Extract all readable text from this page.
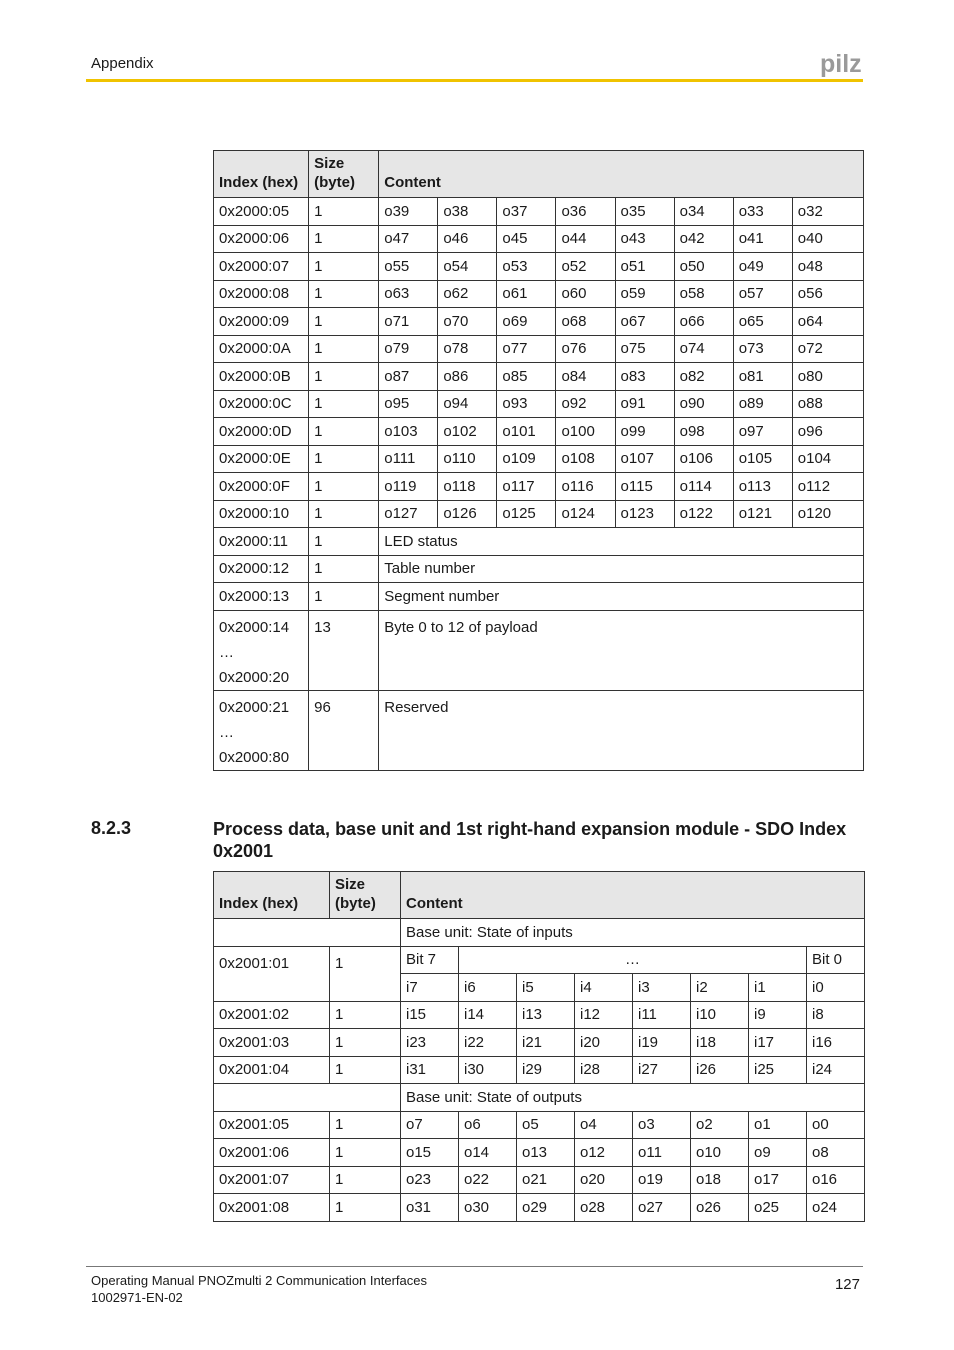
Appendix	pilz
Index (hex)	Size
(byte)	Content							
0x2000:05	1	o39	o38	o37	o36	o35	o34	o33	o32
0x2000:06	1	o47	o46	o45	o44	o43	o42	o41	o40
0x2000:07	1	o55	o54	o53	o52	o51	o50	o49	o48
0x2000:08	1	o63	o62	o61	o60	o59	o58	o57	o56
0x2000:09	1	o71	o70	o69	o68	o67	o66	o65	o64
0x2000:0A	1	o79	o78	o77	o76	o75	o74	o73	o72
0x2000:0B	1	o87	o86	o85	o84	o83	o82	o81	o80
0x2000:0C	1	o95	o94	o93	o92	o91	o90	o89	o88
0x2000:0D	1	o103	o102	o101	o100	o99	o98	o97	o96
0x2000:0E	1	o111	o110	o109	o108	o107	o106	o105	o104
0x2000:0F	1	o119	o118	o117	o116	o115	o114	o113	o112
0x2000:10	1	o127	o126	o125	o124	o123	o122	o121	o120
0x2000:11	1	LED status							
0x2000:12	1	Table number							
0x2000:13	1	Segment number							

0x2000:14
…
0x2000:20	13	Byte 0 to 12 of payload							

0x2000:21
…
0x2000:80	96	Reserved							
8.2.3	Process data, base unit and 1st right-hand expansion module - SDO Index 0x2001
Index (hex)	Size
(byte)	Content							
		Base unit: State of inputs							
0x2001:01	1	Bit 7	…						Bit 0
		i7	i6	i5	i4	i3	i2	i1	i0
0x2001:02	1	i15	i14	i13	i12	i11	i10	i9	i8
0x2001:03	1	i23	i22	i21	i20	i19	i18	i17	i16
0x2001:04	1	i31	i30	i29	i28	i27	i26	i25	i24
		Base unit: State of outputs							
0x2001:05	1	o7	o6	o5	o4	o3	o2	o1	o0
0x2001:06	1	o15	o14	o13	o12	o11	o10	o9	o8
0x2001:07	1	o23	o22	o21	o20	o19	o18	o17	o16
0x2001:08	1	o31	o30	o29	o28	o27	o26	o25	o24
Operating Manual PNOZmulti 2 Communication Interfaces
1002971-EN-02
127
